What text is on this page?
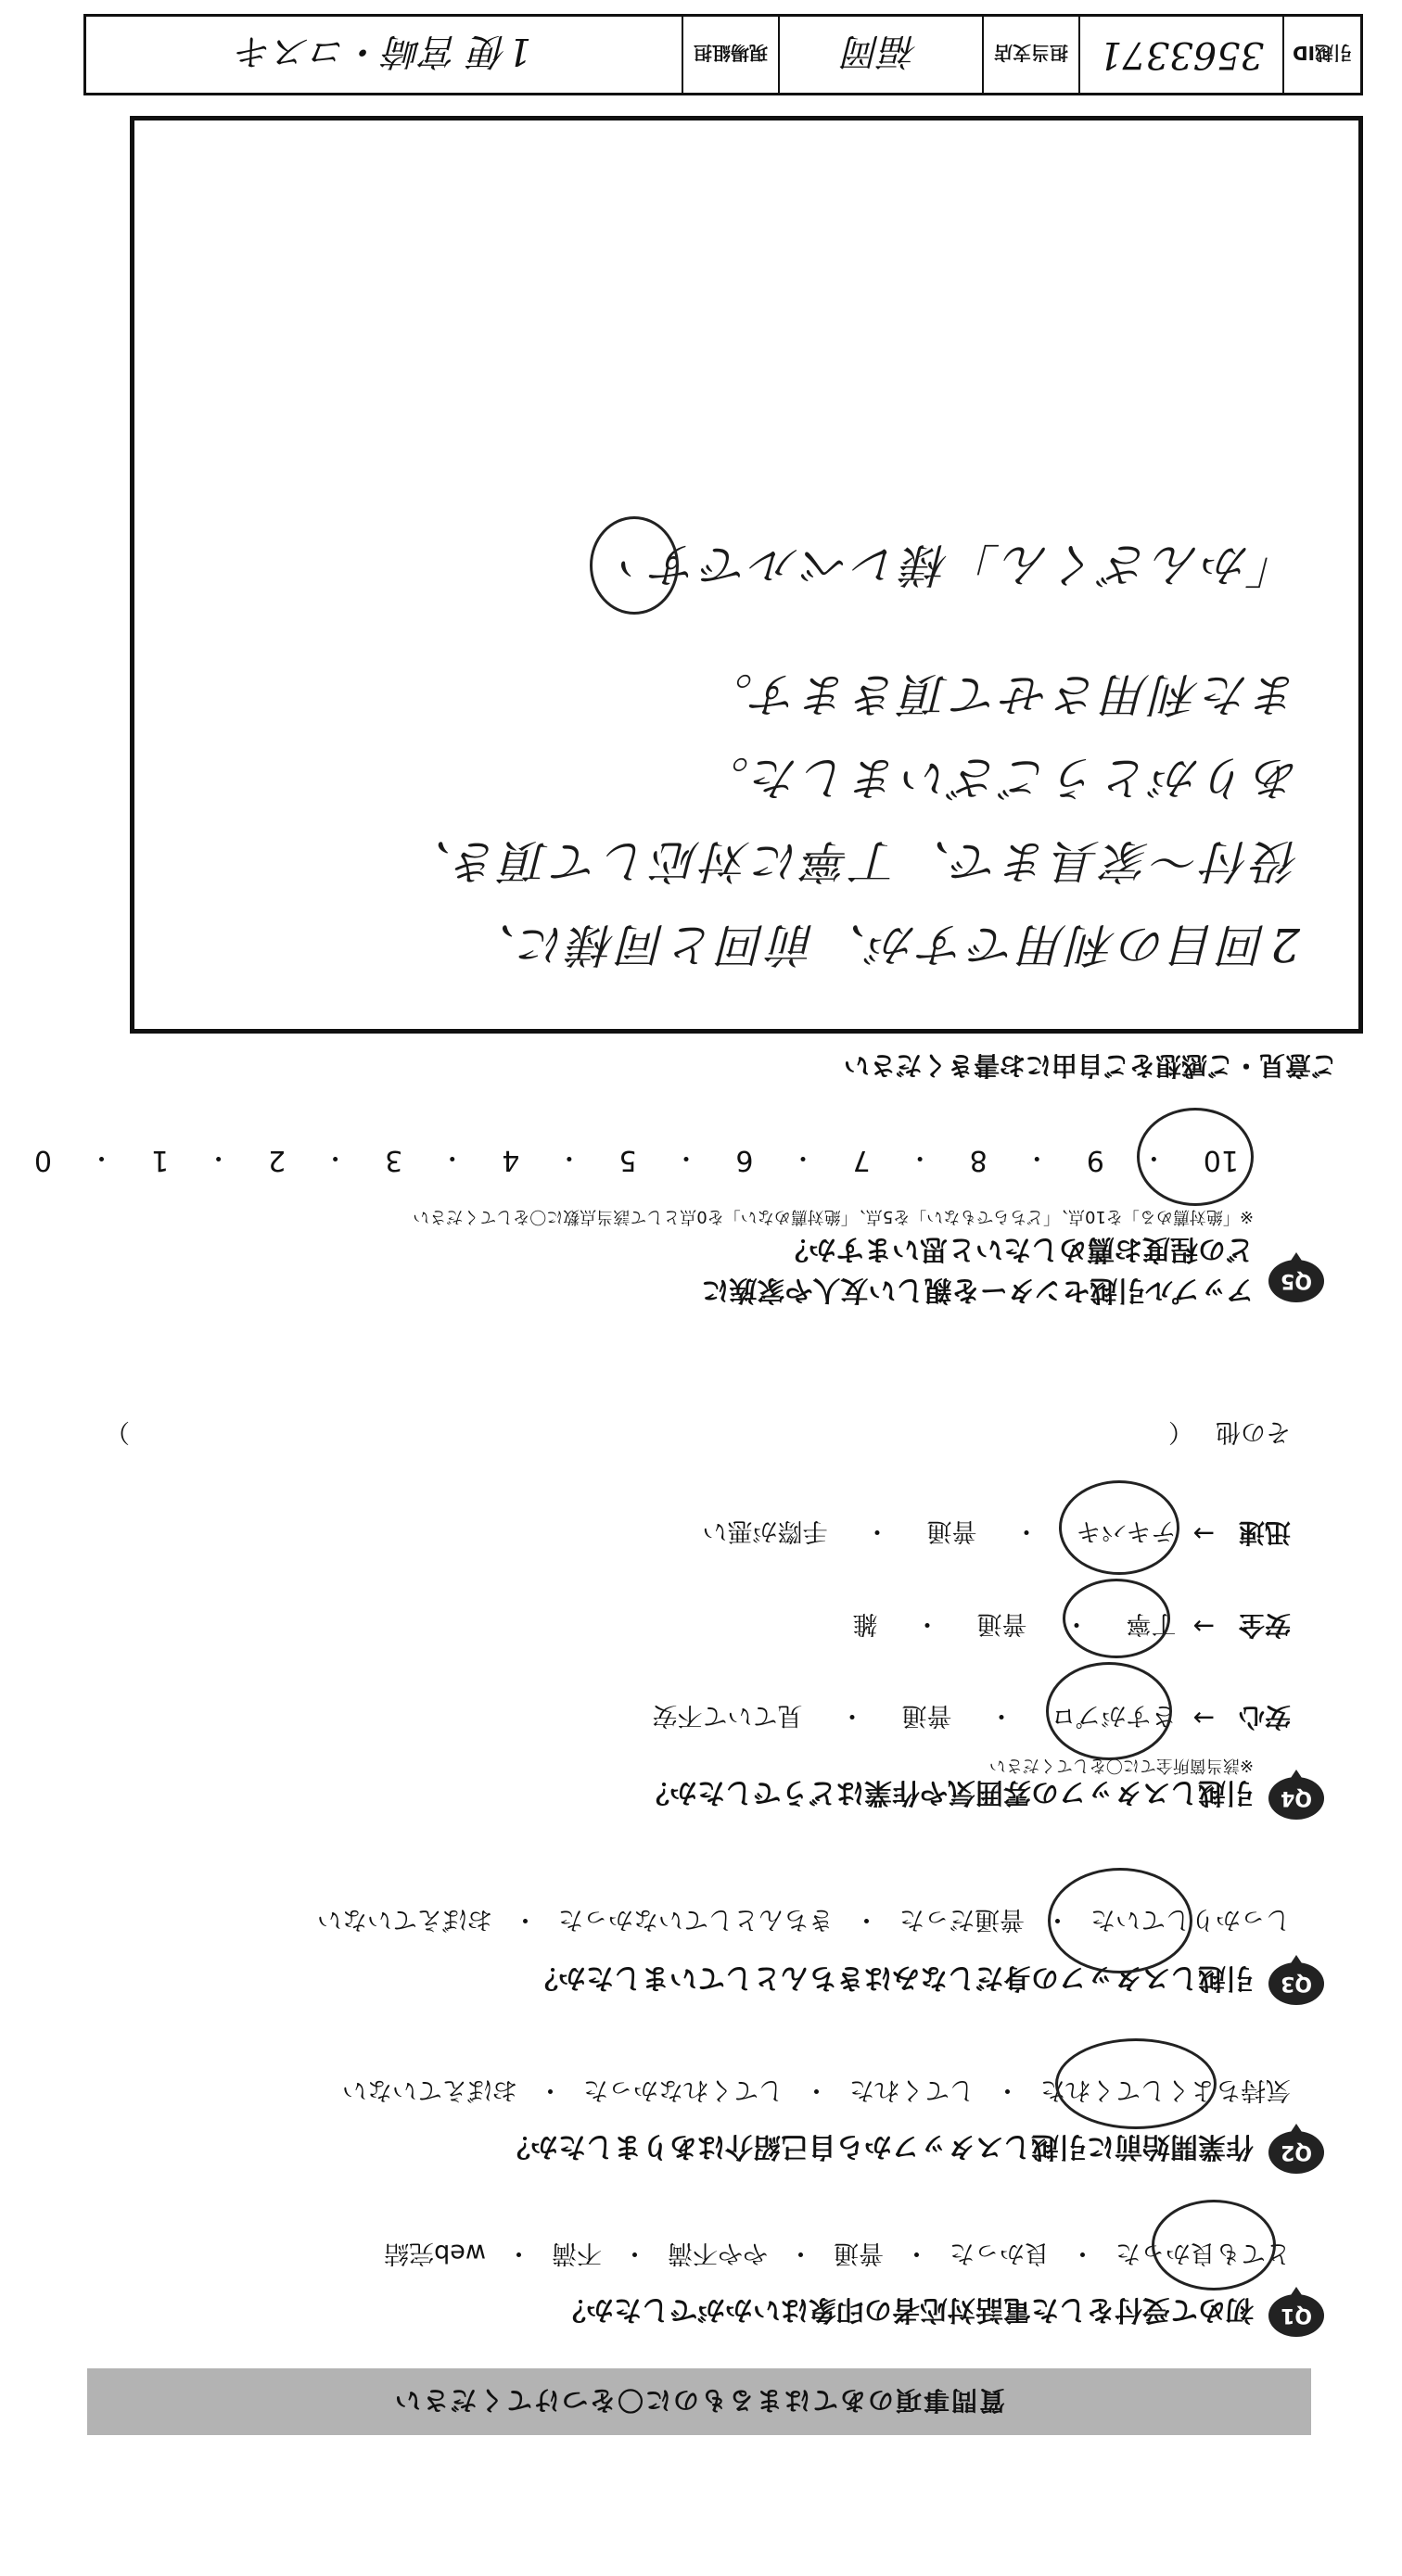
質問事項のあてはまるものに〇をつけてください
Q1
初めて受付をした電話対応者の印象はいかがでしたか？
とても良かった
・
良かった
・
普通
・
やや不満
・
不満
・
web完結
Q2
作業開始前に引越しスタッフから自己紹介はありましたか？
気持ちよくしてくれた
・
してくれた
・
してくれなかった
・
おぼえていない
Q3
引越しスタッフの身だしなみはきちんとしていましたか？
しっかりしていた
・
普通だった
・
きちんとしていなかった
・
おぼえていない
Q4
引越しスタッフの雰囲気や作業はどうでしたか？
※該当箇所全てに〇をしてください
安心
→
さすがプロ
・
普通
・
見ていて不安
安全
→
丁寧
・
普通
・
雑
迅速
→
テキパキ
・
普通
・
手際が悪い
その他
（
）
Q5
アップル引越センターを親しい友人や家族に
どの程度お薦めしたいと思いますか？
※「絶対薦める」を10点、「どちらでもない」を5点、「絶対薦めない」を0点として該当点数に〇をしてください
10
・
9
・
8
・
7
・
6
・
5
・
4
・
3
・
2
・
1
・
0
ご意見・ご感想をご自由にお書きください
2回目の利用ですが、前回と同様に、
役付～家具まで、丁寧に対応して頂き、
ありがとうございました。
また利用させて頂きます。
「かんざくん」様レベルです
ヽ
引越ID
3563371
担当支店
福岡
現場組担
1便 宮崎・コスキ
